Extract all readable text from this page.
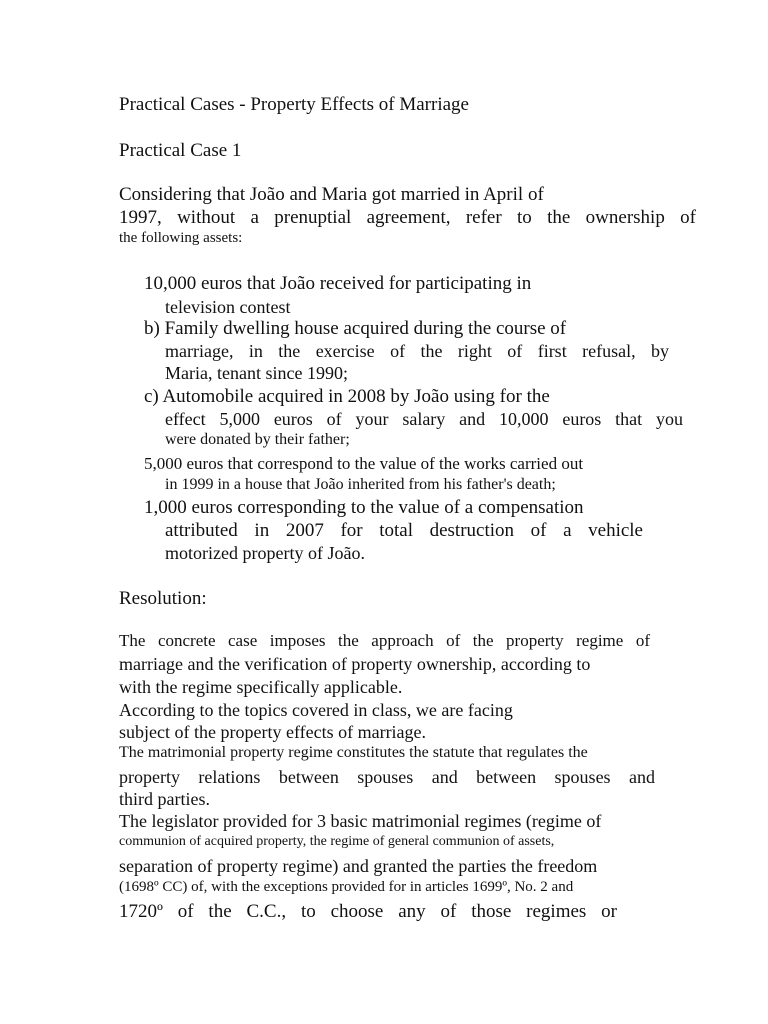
Practical Cases - Property Effects of Marriage

Practical Case 1

Considering that João and Maria got married in April of

1997, without a prenuptial agreement, refer to the ownership of

the following assets:

10,000 euros that João received for participating in

television contest

b) Family dwelling house acquired during the course of

marriage, in the exercise of the right of first refusal, by

Maria, tenant since 1990;

c) Automobile acquired in 2008 by João using for the

effect 5,000 euros of your salary and 10,000 euros that you

were donated by their father;

5,000 euros that correspond to the value of the works carried out

in 1999 in a house that João inherited from his father's death;

1,000 euros corresponding to the value of a compensation

attributed in 2007 for total destruction of a vehicle

motorized property of João.

Resolution:

The concrete case imposes the approach of the property regime of

marriage and the verification of property ownership, according to

with the regime specifically applicable.

According to the topics covered in class, we are facing

subject of the property effects of marriage.

The matrimonial property regime constitutes the statute that regulates the

property relations between spouses and between spouses and

third parties.

The legislator provided for 3 basic matrimonial regimes (regime of

communion of acquired property, the regime of general communion of assets,

separation of property regime) and granted the parties the freedom

(1698º CC) of, with the exceptions provided for in articles 1699º, No. 2 and

1720º of the C.C., to choose any of those regimes or
